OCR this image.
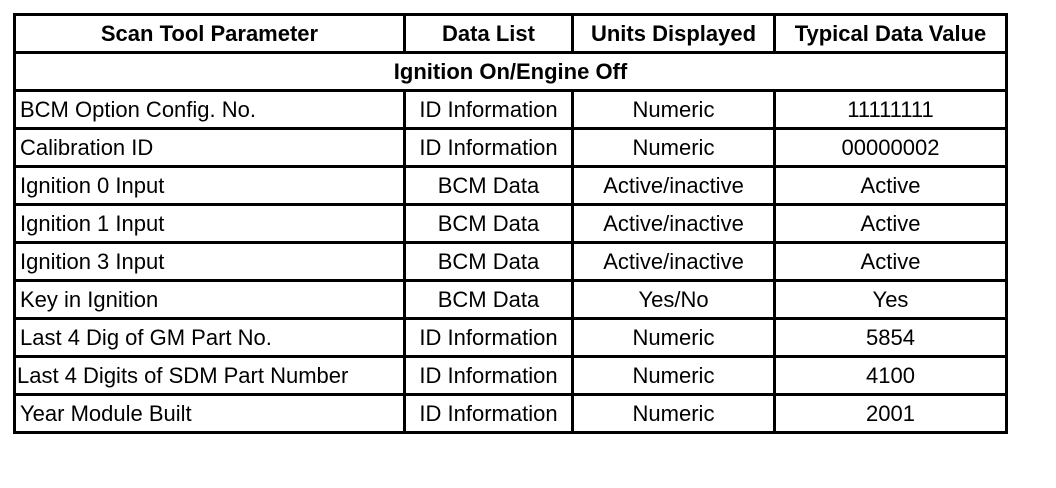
Scan Tool Parameter	Data List	Units Displayed	Typical Data Value
Ignition On/Engine Off			
BCM Option Config. No.	ID Information	Numeric	11111111
Calibration ID	ID Information	Numeric	00000002
Ignition 0 Input	BCM Data	Active/inactive	Active
Ignition 1 Input	BCM Data	Active/inactive	Active
Ignition 3 Input	BCM Data	Active/inactive	Active
Key in Ignition	BCM Data	Yes/No	Yes
Last 4 Dig of GM Part No.	ID Information	Numeric	5854
Last 4 Digits of SDM Part Number	ID Information	Numeric	4100
Year Module Built	ID Information	Numeric	2001
